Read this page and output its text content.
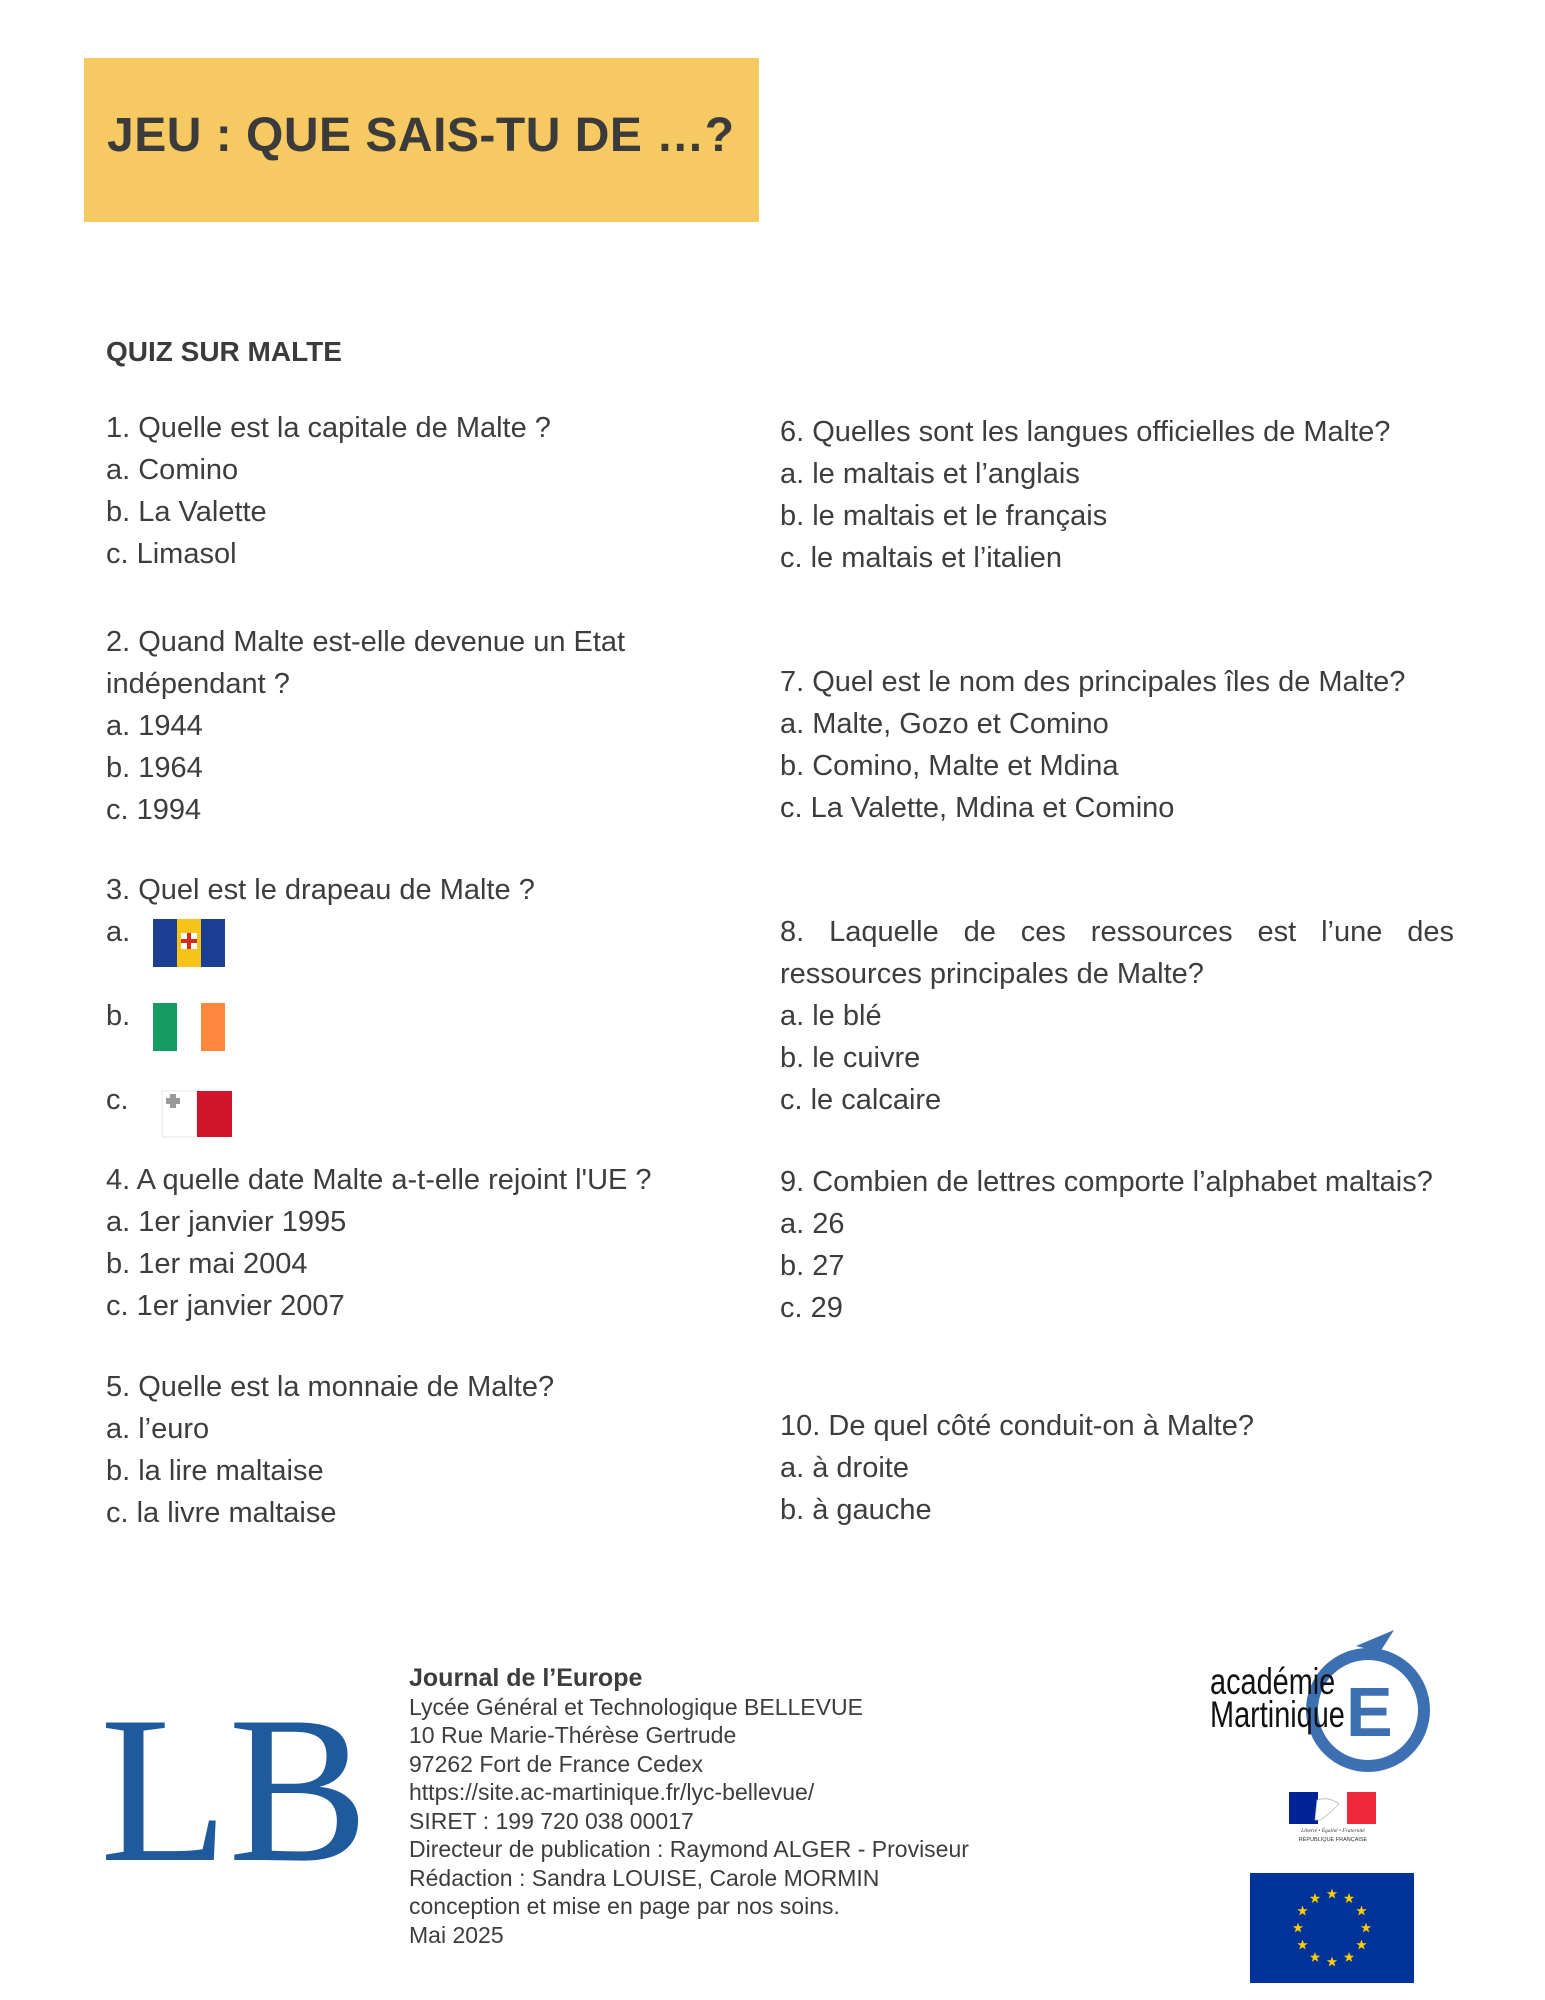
JEU : QUE SAIS-TU DE …?
QUIZ SUR MALTE

1. Quelle est la capitale de Malte ?

a. Comino

b. La Valette

c. Limasol

2. Quand Malte est-elle devenue un Etat

indépendant ?

a. 1944

b. 1964

c. 1994

3. Quel est le drapeau de Malte ?

a.
b.
c.

4. A quelle date Malte a-t-elle rejoint l'UE ?

a. 1er janvier 1995

b. 1er mai 2004

c. 1er janvier 2007

5. Quelle est la monnaie de Malte?

a. l’euro

b. la lire maltaise

c. la livre maltaise

6. Quelles sont les langues officielles de Malte?

a. le maltais et l’anglais

b. le maltais et le français

c. le maltais et l’italien

7. Quel est le nom des principales îles de Malte?

a. Malte, Gozo et Comino

b. Comino, Malte et Mdina

c. La Valette, Mdina et Comino

8. Laquelle de ces ressources est l’une des ressources principales de Malte?

a. le blé

b. le cuivre

c. le calcaire

9. Combien de lettres comporte l’alphabet maltais?

a. 26

b. 27

c. 29

10. De quel côté conduit-on à Malte?

a. à droite

b. à gauche

LB Journal de l’Europe

Lycée Général et Technologique BELLEVUE

10 Rue Marie-Thérèse Gertrude

97262 Fort de France Cedex

https://site.ac-martinique.fr/lyc-bellevue/

SIRET : 199 720 038 00017

Directeur de publication : Raymond ALGER - Proviseur

Rédaction : Sandra LOUISE, Carole MORMIN

conception et mise en page par nos soins.

Mai 2025

E
académie
Martinique
Liberté • Égalité • Fraternité
RÉPUBLIQUE FRANÇAISE
